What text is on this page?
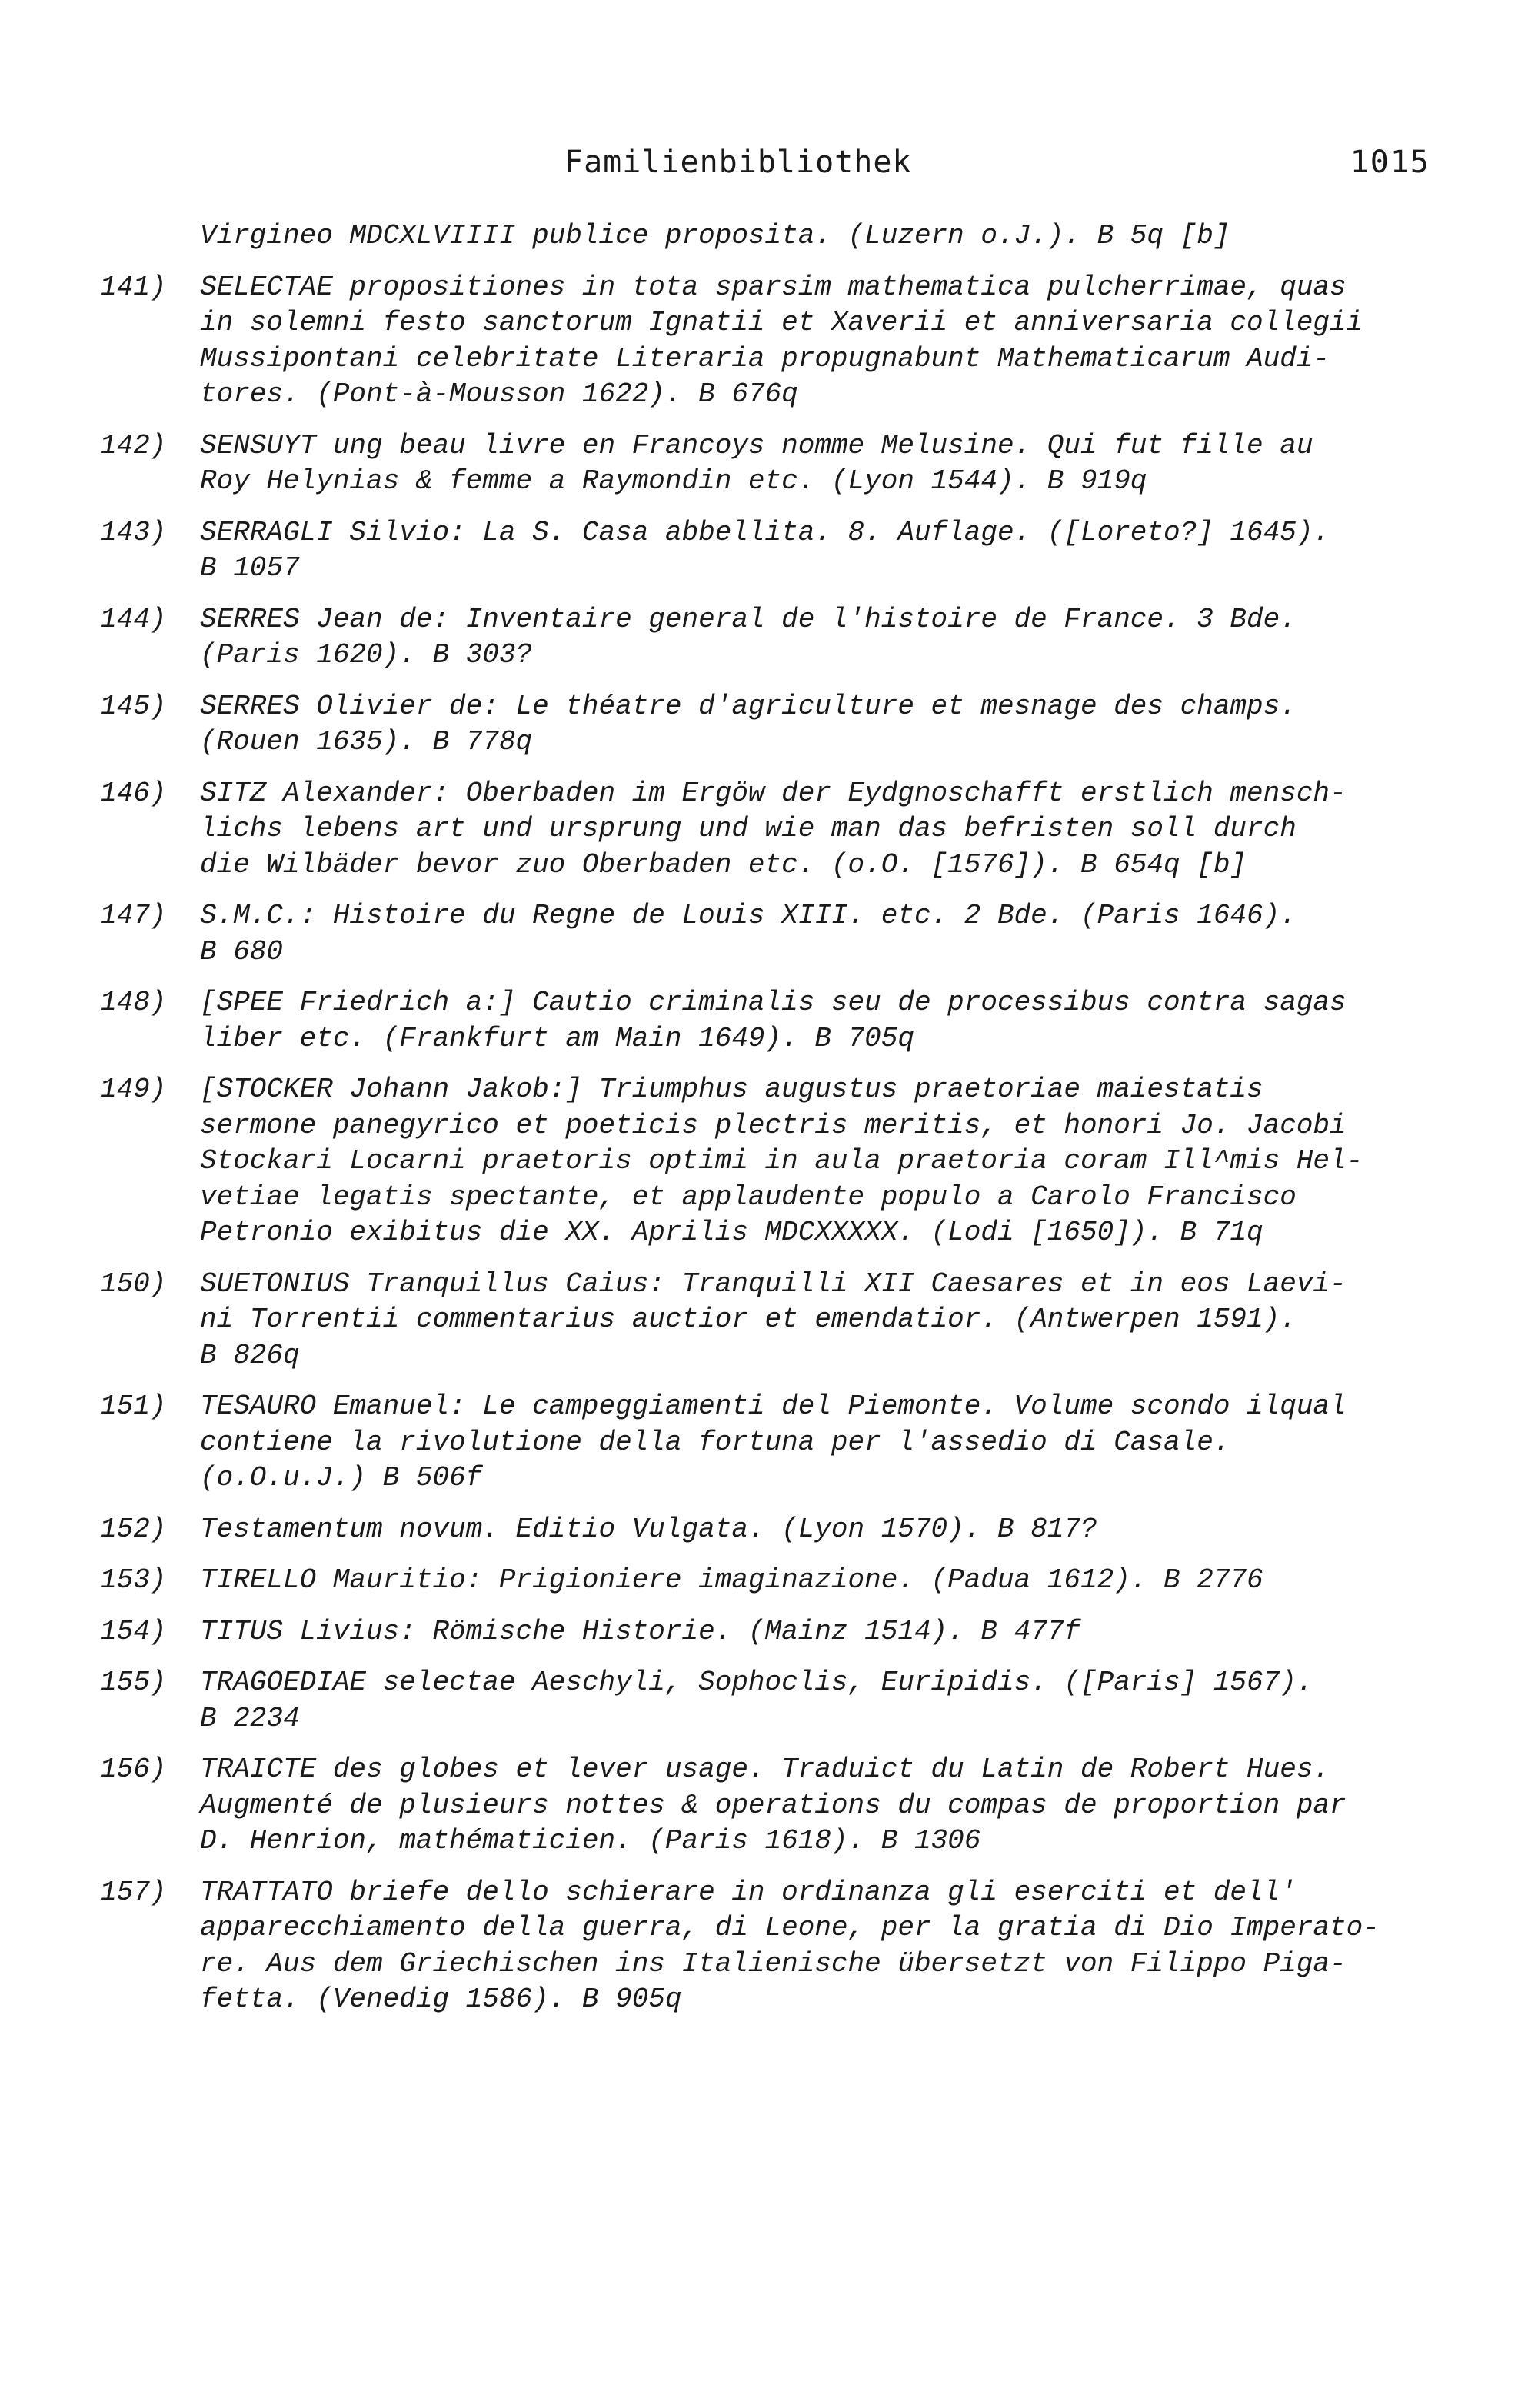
Familienbibliothek	1015
Virgineo MDCXLVIIII publice proposita. (Luzern o.J.). B 5q [b]
141)	SELECTAE propositiones in tota sparsim mathematica pulcherrimae, quas
in solemni festo sanctorum Ignatii et Xaverii et anniversaria collegii
Mussipontani celebritate Literaria propugnabunt Mathematicarum Audi-
tores. (Pont-à-Mousson 1622). B 676q
142)	SENSUYT ung beau livre en Francoys nomme Melusine. Qui fut fille au
Roy Helynias & femme a Raymondin etc. (Lyon 1544). B 919q
143)	SERRAGLI Silvio: La S. Casa abbellita. 8. Auflage. ([Loreto?] 1645).
B 1057
144)	SERRES Jean de: Inventaire general de l'histoire de France. 3 Bde.
(Paris 1620). B 303?
145)	SERRES Olivier de: Le théatre d'agriculture et mesnage des champs.
(Rouen 1635). B 778q
146)	SITZ Alexander: Oberbaden im Ergöw der Eydgnoschafft erstlich mensch-
lichs lebens art und ursprung und wie man das befristen soll durch
die Wilbäder bevor zuo Oberbaden etc. (o.O. [1576]). B 654q [b]
147)	S.M.C.: Histoire du Regne de Louis XIII. etc. 2 Bde. (Paris 1646).
B 680
148)	[SPEE Friedrich a:] Cautio criminalis seu de processibus contra sagas
liber etc. (Frankfurt am Main 1649). B 705q
149)	[STOCKER Johann Jakob:] Triumphus augustus praetoriae maiestatis
sermone panegyrico et poeticis plectris meritis, et honori Jo. Jacobi
Stockari Locarni praetoris optimi in aula praetoria coram Ill^mis Hel-
vetiae legatis spectante, et applaudente populo a Carolo Francisco
Petronio exibitus die XX. Aprilis MDCXXXXX. (Lodi [1650]). B 71q
150)	SUETONIUS Tranquillus Caius: Tranquilli XII Caesares et in eos Laevi-
ni Torrentii commentarius auctior et emendatior. (Antwerpen 1591).
B 826q
151)	TESAURO Emanuel: Le campeggiamenti del Piemonte. Volume scondo ilqual
contiene la rivolutione della fortuna per l'assedio di Casale.
(o.O.u.J.) B 506f
152)	Testamentum novum. Editio Vulgata. (Lyon 1570). B 817?
153)	TIRELLO Mauritio: Prigioniere imaginazione. (Padua 1612). B 2776
154)	TITUS Livius: Römische Historie. (Mainz 1514). B 477f
155)	TRAGOEDIAE selectae Aeschyli, Sophoclis, Euripidis. ([Paris] 1567).
B 2234
156)	TRAICTE des globes et lever usage. Traduict du Latin de Robert Hues.
Augmenté de plusieurs nottes & operations du compas de proportion par
D. Henrion, mathématicien. (Paris 1618). B 1306
157)	TRATTATO briefe dello schierare in ordinanza gli eserciti et dell'
apparecchiamento della guerra, di Leone, per la gratia di Dio Imperato-
re. Aus dem Griechischen ins Italienische übersetzt von Filippo Piga-
fetta. (Venedig 1586). B 905q
